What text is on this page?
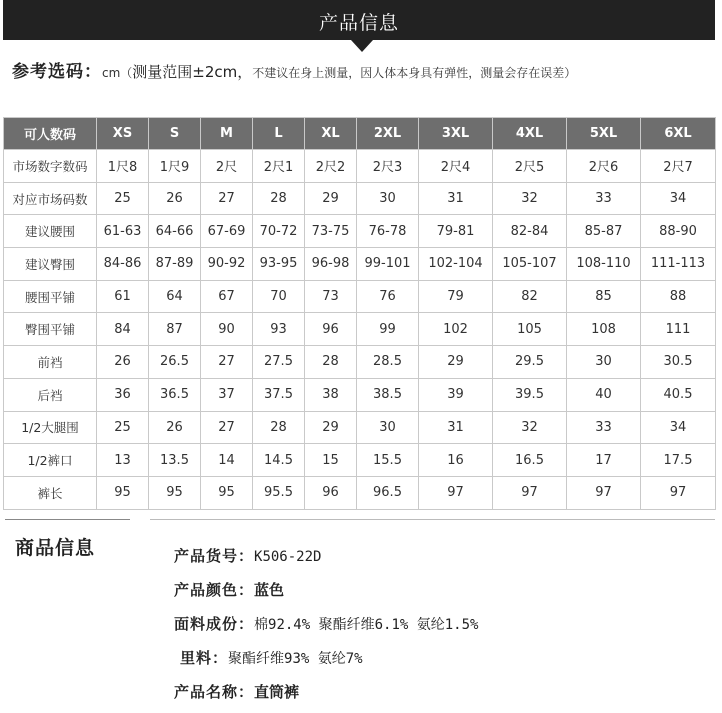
产品信息
参考选码：cm（测量范围±2cm，不建议在身上测量，因人体本身具有弹性，测量会存在误差）
可人数码	XS	S	M	L	XL	2XL	3XL	4XL	5XL	6XL
市场数字数码	1尺8	1尺9	2尺	2尺1	2尺2	2尺3	2尺4	2尺5	2尺6	2尺7
对应市场码数	25	26	27	28	29	30	31	32	33	34
建议腰围	61-63	64-66	67-69	70-72	73-75	76-78	79-81	82-84	85-87	88-90
建议臀围	84-86	87-89	90-92	93-95	96-98	99-101	102-104	105-107	108-110	111-113
腰围平铺	61	64	67	70	73	76	79	82	85	88
臀围平铺	84	87	90	93	96	99	102	105	108	111
前裆	26	26.5	27	27.5	28	28.5	29	29.5	30	30.5
后裆	36	36.5	37	37.5	38	38.5	39	39.5	40	40.5
1/2大腿围	25	26	27	28	29	30	31	32	33	34
1/2裤口	13	13.5	14	14.5	15	15.5	16	16.5	17	17.5
裤长	95	95	95	95.5	96	96.5	97	97	97	97
商品信息	产品货号：K506-22D
产品颜色：蓝色
面料成份：棉92.4% 聚酯纤维6.1% 氨纶1.5%
里料：聚酯纤维93% 氨纶7%
产品名称：直筒裤
